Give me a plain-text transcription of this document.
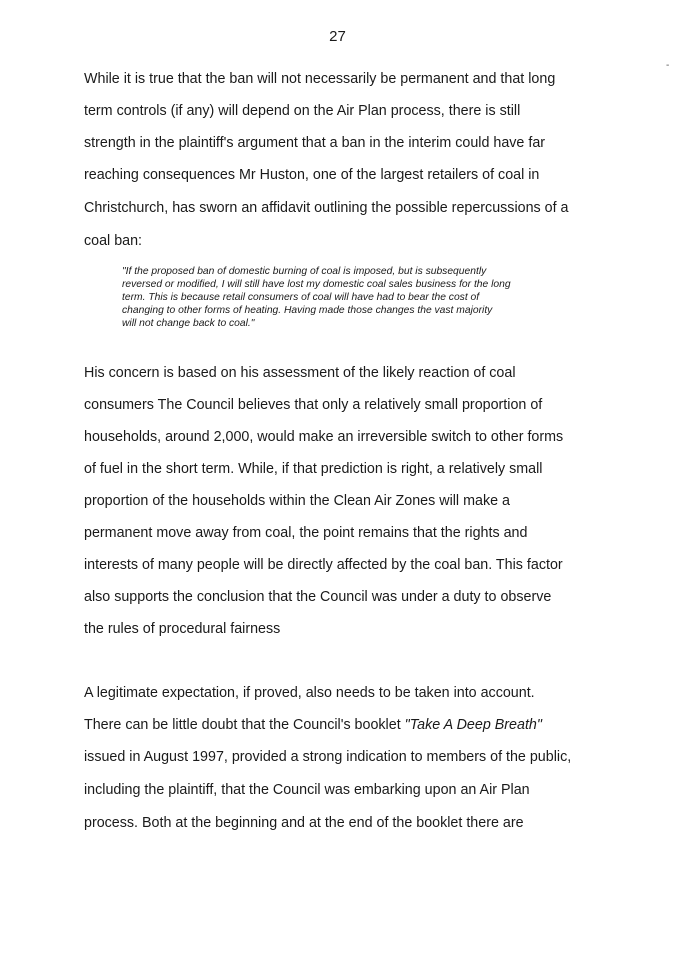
27
-
While it is true that the ban will not necessarily be permanent and that long
term controls (if any) will depend on the Air Plan process, there is still
strength in the plaintiff's argument that a ban in the interim could have far
reaching consequences Mr Huston, one of the largest retailers of coal in
Christchurch, has sworn an affidavit outlining the possible repercussions of a
coal ban:
"If the proposed ban of domestic burning of coal is imposed, but is subsequently
reversed or modified, I will still have lost my domestic coal sales business for the long
term. This is because retail consumers of coal will have had to bear the cost of
changing to other forms of heating. Having made those changes the vast majority
will not change back to coal."
His concern is based on his assessment of the likely reaction of coal
consumers The Council believes that only a relatively small proportion of
households, around 2,000, would make an irreversible switch to other forms
of fuel in the short term. While, if that prediction is right, a relatively small
proportion of the households within the Clean Air Zones will make a
permanent move away from coal, the point remains that the rights and
interests of many people will be directly affected by the coal ban. This factor
also supports the conclusion that the Council was under a duty to observe
the rules of procedural fairness
A legitimate expectation, if proved, also needs to be taken into account.
There can be little doubt that the Council's booklet "Take A Deep Breath"
issued in August 1997, provided a strong indication to members of the public,
including the plaintiff, that the Council was embarking upon an Air Plan
process. Both at the beginning and at the end of the booklet there are
